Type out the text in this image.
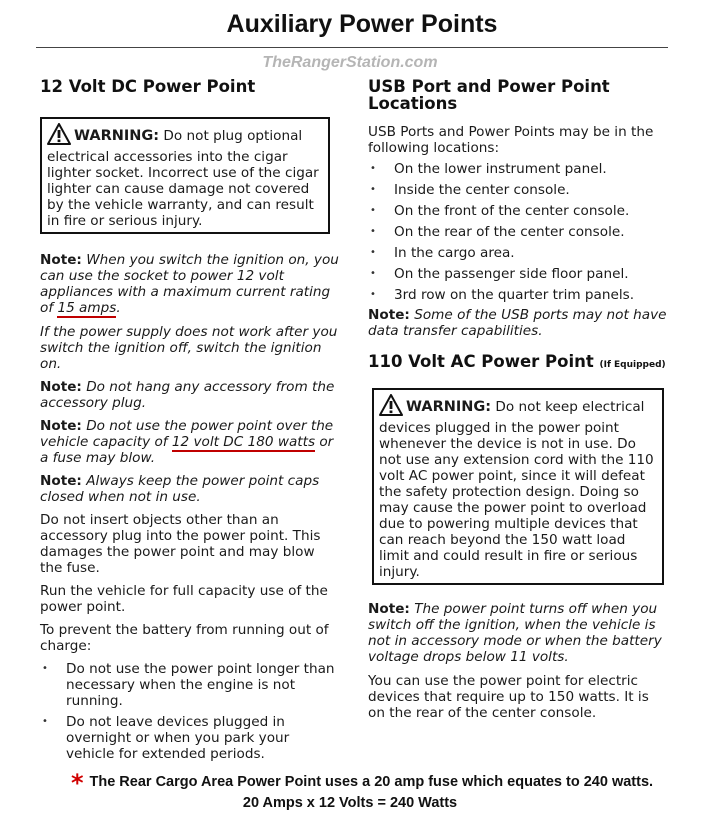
Auxiliary Power Points
TheRangerStation.com
12 Volt DC Power Point
WARNING: Do not plug optional electrical accessories into the cigar lighter socket. Incorrect use of the cigar lighter can cause damage not covered by the vehicle warranty, and can result in fire or serious injury.
Note: When you switch the ignition on, you can use the socket to power 12 volt appliances with a maximum current rating of 15 amps.
If the power supply does not work after you switch the ignition off, switch the ignition on.
Note: Do not hang any accessory from the accessory plug.
Note: Do not use the power point over the vehicle capacity of 12 volt DC 180 watts or a fuse may blow.
Note: Always keep the power point caps closed when not in use.
Do not insert objects other than an accessory plug into the power point. This damages the power point and may blow the fuse.
Run the vehicle for full capacity use of the power point.
To prevent the battery from running out of charge:
• Do not use the power point longer than necessary when the engine is not running.
• Do not leave devices plugged in overnight or when you park your vehicle for extended periods.
USB Port and Power Point Locations
USB Ports and Power Points may be in the following locations:
• On the lower instrument panel.
• Inside the center console.
• On the front of the center console.
• On the rear of the center console.
• In the cargo area.
• On the passenger side floor panel.
• 3rd row on the quarter trim panels.
Note: Some of the USB ports may not have data transfer capabilities.
110 Volt AC Power Point (If Equipped)
WARNING: Do not keep electrical devices plugged in the power point whenever the device is not in use. Do not use any extension cord with the 110 volt AC power point, since it will defeat the safety protection design. Doing so may cause the power point to overload due to powering multiple devices that can reach beyond the 150 watt load limit and could result in fire or serious injury.
Note: The power point turns off when you switch off the ignition, when the vehicle is not in accessory mode or when the battery voltage drops below 11 volts.
You can use the power point for electric devices that require up to 150 watts. It is on the rear of the center console.
* The Rear Cargo Area Power Point uses a 20 amp fuse which equates to 240 watts.
20 Amps x 12 Volts = 240 Watts
